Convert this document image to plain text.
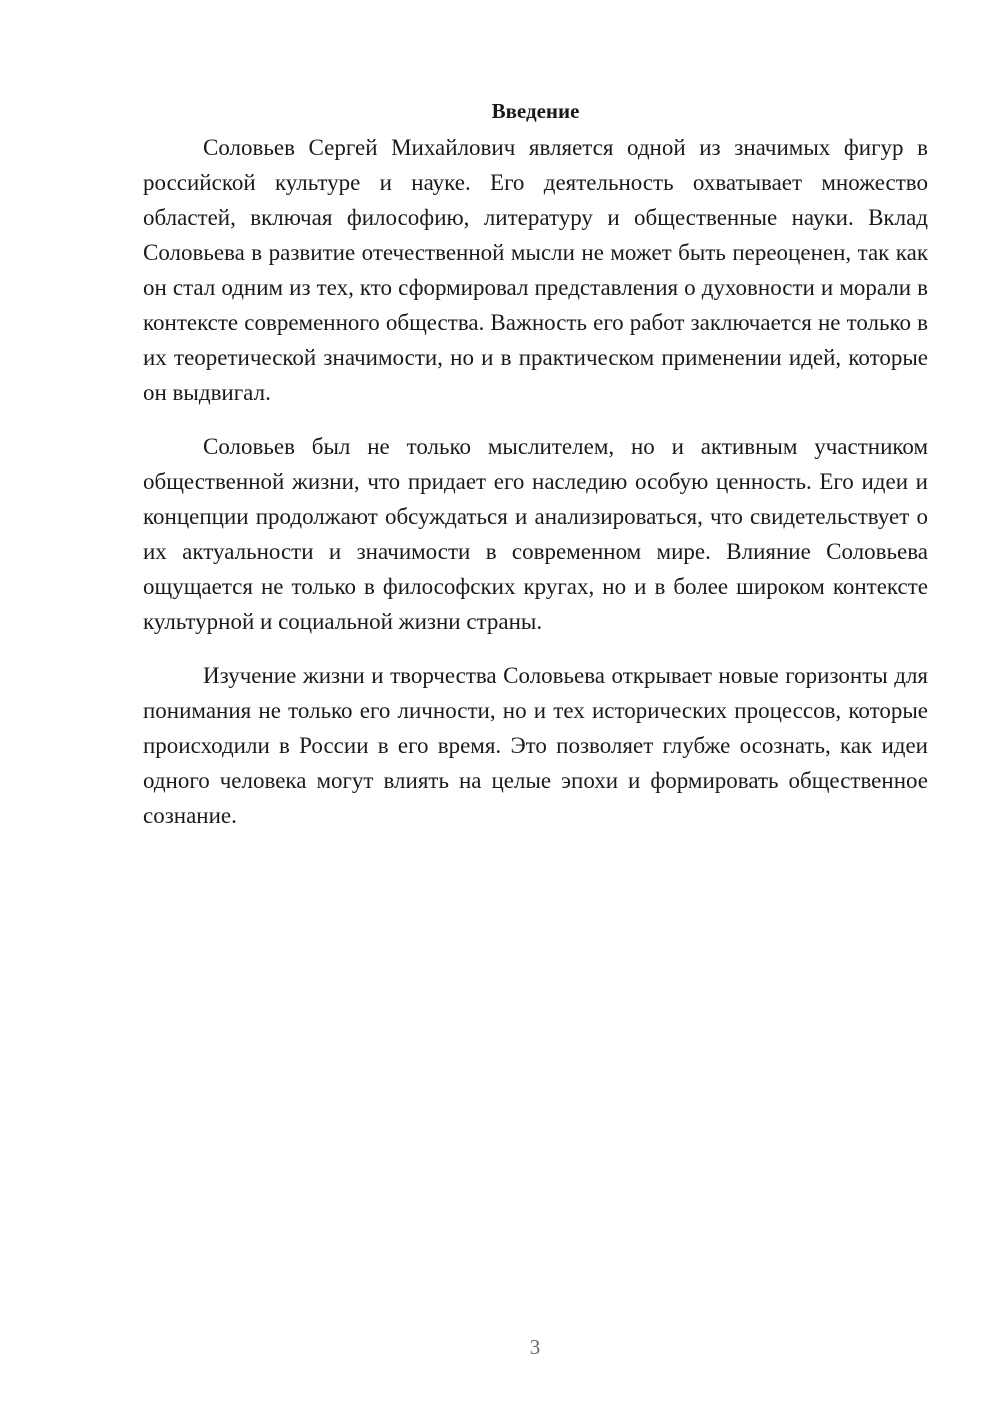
Введение

Соловьев Сергей Михайлович является одной из значимых фигур в российской культуре и науке. Его деятельность охватывает множество областей, включая философию, литературу и общественные науки. Вклад Соловьева в развитие отечественной мысли не может быть переоценен, так как он стал одним из тех, кто сформировал представления о духовности и морали в контексте современного общества. Важность его работ заключается не только в их теоретической значимости, но и в практическом применении идей, которые он выдвигал.

Соловьев был не только мыслителем, но и активным участником общественной жизни, что придает его наследию особую ценность. Его идеи и концепции продолжают обсуждаться и анализироваться, что свидетельствует о их актуальности и значимости в современном мире. Влияние Соловьева ощущается не только в философских кругах, но и в более широком контексте культурной и социальной жизни страны.

Изучение жизни и творчества Соловьева открывает новые горизонты для понимания не только его личности, но и тех исторических процессов, которые происходили в России в его время. Это позволяет глубже осознать, как идеи одного человека могут влиять на целые эпохи и формировать общественное сознание.

3
